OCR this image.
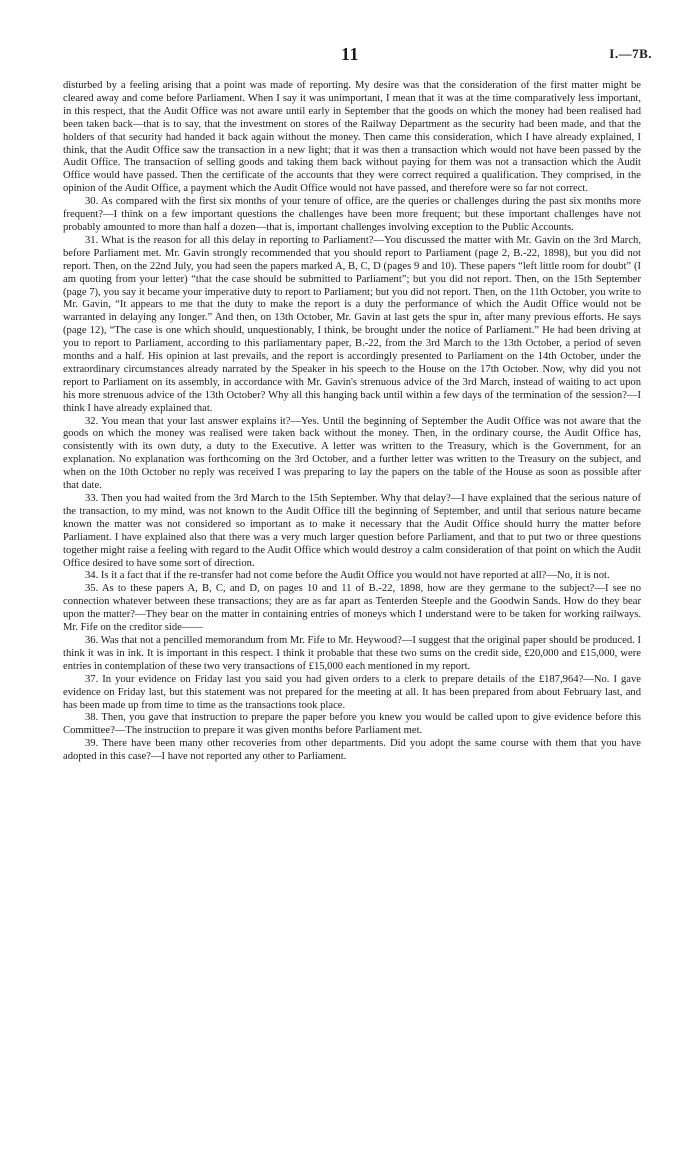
11	I.—7B.

disturbed by a feeling arising that a point was made of reporting. My desire was that the consideration of the first matter might be cleared away and come before Parliament. When I say it was unimportant, I mean that it was at the time comparatively less important, in this respect, that the Audit Office was not aware until early in September that the goods on which the money had been realised had been taken back—that is to say, that the investment on stores of the Railway Department as the security had been made, and that the holders of that security had handed it back again without the money. Then came this consideration, which I have already explained, I think, that the Audit Office saw the transaction in a new light; that it was then a transaction which would not have been passed by the Audit Office. The transaction of selling goods and taking them back without paying for them was not a transaction which the Audit Office would have passed. Then the certificate of the accounts that they were correct required a qualification. They comprised, in the opinion of the Audit Office, a payment which the Audit Office would not have passed, and therefore were so far not correct.

30. As compared with the first six months of your tenure of office, are the queries or challenges during the past six months more frequent?—I think on a few important questions the challenges have been more frequent; but these important challenges have not probably amounted to more than half a dozen—that is, important challenges involving exception to the Public Accounts.

31. What is the reason for all this delay in reporting to Parliament?—You discussed the matter with Mr. Gavin on the 3rd March, before Parliament met. Mr. Gavin strongly recommended that you should report to Parliament (page 2, B.-22, 1898), but you did not report. Then, on the 22nd July, you had seen the papers marked A, B, C, D (pages 9 and 10). These papers “left little room for doubt” (I am quoting from your letter) “that the case should be submitted to Parliament”; but you did not report. Then, on the 15th September (page 7), you say it became your imperative duty to report to Parliament; but you did not report. Then, on the 11th October, you write to Mr. Gavin, “It appears to me that the duty to make the report is a duty the performance of which the Audit Office would not be warranted in delaying any longer.” And then, on 13th October, Mr. Gavin at last gets the spur in, after many previous efforts. He says (page 12), “The case is one which should, unquestionably, I think, be brought under the notice of Parliament.” He had been driving at you to report to Parliament, according to this parliamentary paper, B.-22, from the 3rd March to the 13th October, a period of seven months and a half. His opinion at last prevails, and the report is accordingly presented to Parliament on the 14th October, under the extraordinary circumstances already narrated by the Speaker in his speech to the House on the 17th October. Now, why did you not report to Parliament on its assembly, in accordance with Mr. Gavin's strenuous advice of the 3rd March, instead of waiting to act upon his more strenuous advice of the 13th October? Why all this hanging back until within a few days of the termination of the session?—I think I have already explained that.

32. You mean that your last answer explains it?—Yes. Until the beginning of September the Audit Office was not aware that the goods on which the money was realised were taken back without the money. Then, in the ordinary course, the Audit Office has, consistently with its own duty, a duty to the Executive. A letter was written to the Treasury, which is the Government, for an explanation. No explanation was forthcoming on the 3rd October, and a further letter was written to the Treasury on the subject, and when on the 10th October no reply was received I was preparing to lay the papers on the table of the House as soon as possible after that date.

33. Then you had waited from the 3rd March to the 15th September. Why that delay?—I have explained that the serious nature of the transaction, to my mind, was not known to the Audit Office till the beginning of September, and until that serious nature became known the matter was not considered so important as to make it necessary that the Audit Office should hurry the matter before Parliament. I have explained also that there was a very much larger question before Parliament, and that to put two or three questions together might raise a feeling with regard to the Audit Office which would destroy a calm consideration of that point on which the Audit Office desired to have some sort of direction.

34. Is it a fact that if the re-transfer had not come before the Audit Office you would not have reported at all?—No, it is not.

35. As to these papers A, B, C, and D, on pages 10 and 11 of B.-22, 1898, how are they germane to the subject?—I see no connection whatever between these transactions; they are as far apart as Tenterden Steeple and the Goodwin Sands. How do they bear upon the matter?—They bear on the matter in containing entries of moneys which I understand were to be taken for working railways. Mr. Fife on the creditor side——

36. Was that not a pencilled memorandum from Mr. Fife to Mr. Heywood?—I suggest that the original paper should be produced. I think it was in ink. It is important in this respect. I think it probable that these two sums on the credit side, £20,000 and £15,000, were entries in contemplation of these two very transactions of £15,000 each mentioned in my report.

37. In your evidence on Friday last you said you had given orders to a clerk to prepare details of the £187,964?—No. I gave evidence on Friday last, but this statement was not prepared for the meeting at all. It has been prepared from about February last, and has been made up from time to time as the transactions took place.

38. Then, you gave that instruction to prepare the paper before you knew you would be called upon to give evidence before this Committee?—The instruction to prepare it was given months before Parliament met.

39. There have been many other recoveries from other departments. Did you adopt the same course with them that you have adopted in this case?—I have not reported any other to Parliament.
